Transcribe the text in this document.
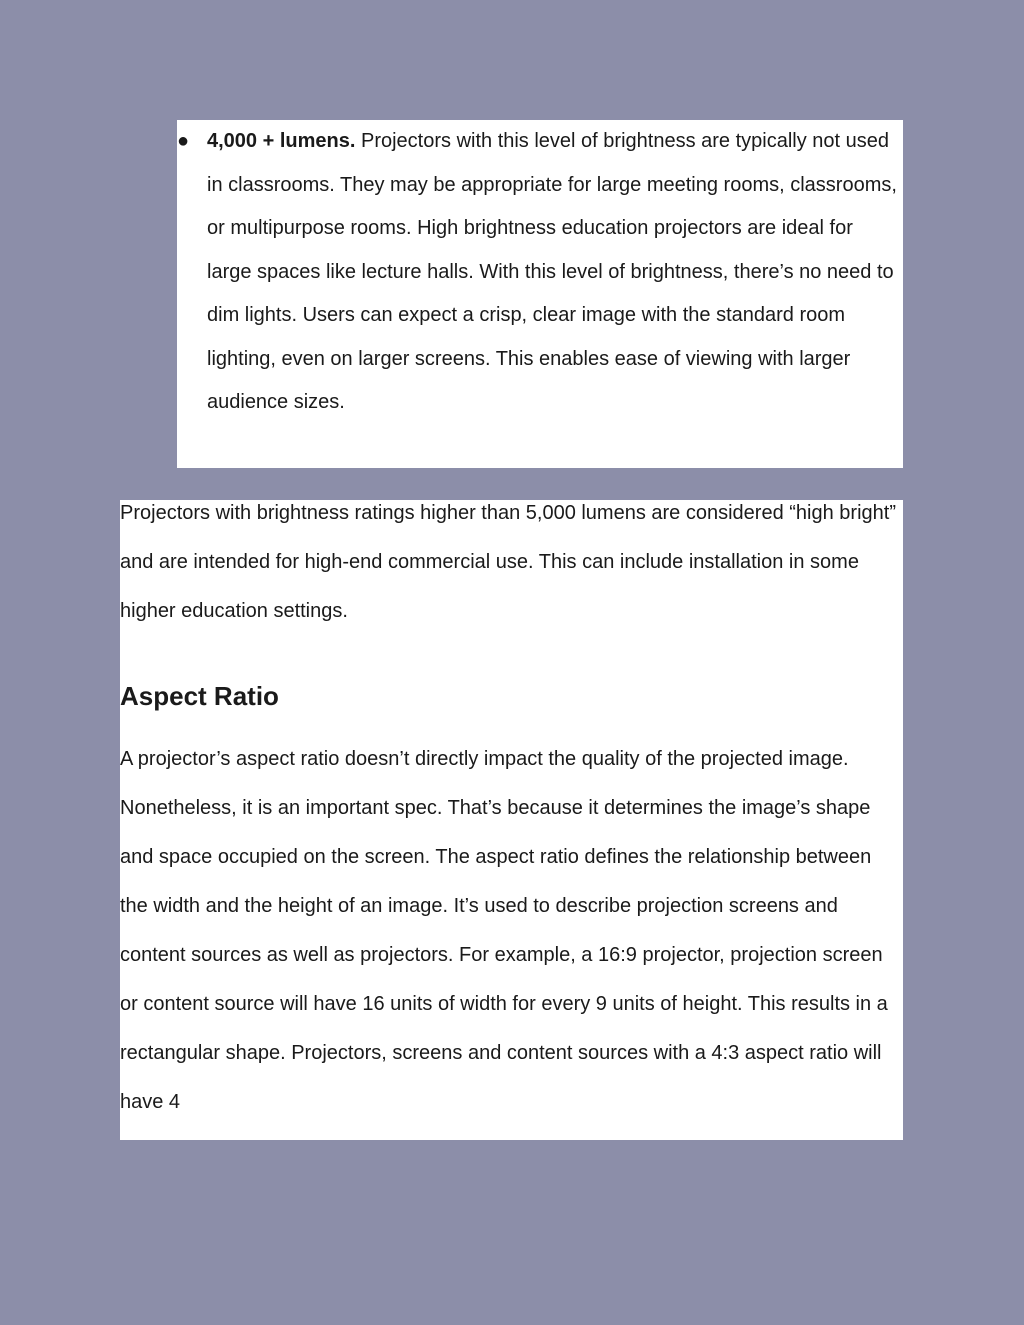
● 4,000 + lumens. Projectors with this level of brightness are typically not used in classrooms. They may be appropriate for large meeting rooms, classrooms, or multipurpose rooms. High brightness education projectors are ideal for large spaces like lecture halls. With this level of brightness, there’s no need to dim lights. Users can expect a crisp, clear image with the standard room lighting, even on larger screens. This enables ease of viewing with larger audience sizes.
Projectors with brightness ratings higher than 5,000 lumens are considered “high bright” and are intended for high-end commercial use. This can include installation in some higher education settings.
Aspect Ratio
A projector’s aspect ratio doesn’t directly impact the quality of the projected image. Nonetheless, it is an important spec. That’s because it determines the image’s shape and space occupied on the screen. The aspect ratio defines the relationship between the width and the height of an image. It’s used to describe projection screens and content sources as well as projectors. For example, a 16:9 projector, projection screen or content source will have 16 units of width for every 9 units of height. This results in a rectangular shape. Projectors, screens and content sources with a 4:3 aspect ratio will have 4
